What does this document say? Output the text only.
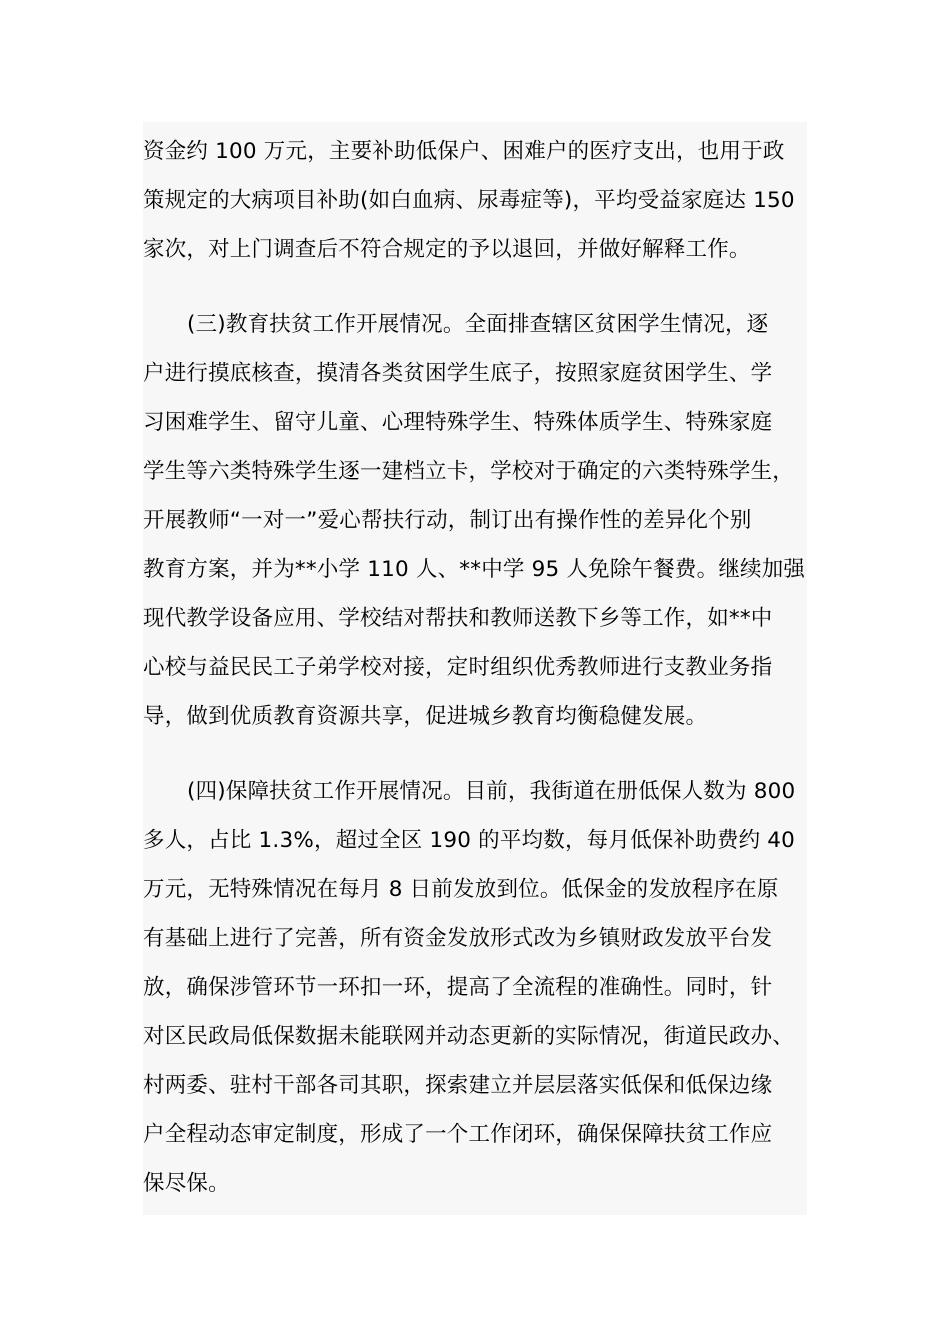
资金约 100 万元，主要补助低保户、困难户的医疗支出，也用于政
策规定的大病项目补助(如白血病、尿毒症等)，平均受益家庭达 150
家次，对上门调查后不符合规定的予以退回，并做好解释工作。
(三)教育扶贫工作开展情况。全面排查辖区贫困学生情况，逐
户进行摸底核查，摸清各类贫困学生底子，按照家庭贫困学生、学
习困难学生、留守儿童、心理特殊学生、特殊体质学生、特殊家庭
学生等六类特殊学生逐一建档立卡，学校对于确定的六类特殊学生，
开展教师“一对一”爱心帮扶行动，制订出有操作性的差异化个别
教育方案，并为**小学 110 人、**中学 95 人免除午餐费。继续加强
现代教学设备应用、学校结对帮扶和教师送教下乡等工作，如**中
心校与益民民工子弟学校对接，定时组织优秀教师进行支教业务指
导，做到优质教育资源共享，促进城乡教育均衡稳健发展。
(四)保障扶贫工作开展情况。目前，我街道在册低保人数为 800
多人，占比 1.3%，超过全区 190 的平均数，每月低保补助费约 40
万元，无特殊情况在每月 8 日前发放到位。低保金的发放程序在原
有基础上进行了完善，所有资金发放形式改为乡镇财政发放平台发
放，确保涉管环节一环扣一环，提高了全流程的准确性。同时，针
对区民政局低保数据未能联网并动态更新的实际情况，街道民政办、
村两委、驻村干部各司其职，探索建立并层层落实低保和低保边缘
户全程动态审定制度，形成了一个工作闭环，确保保障扶贫工作应
保尽保。
